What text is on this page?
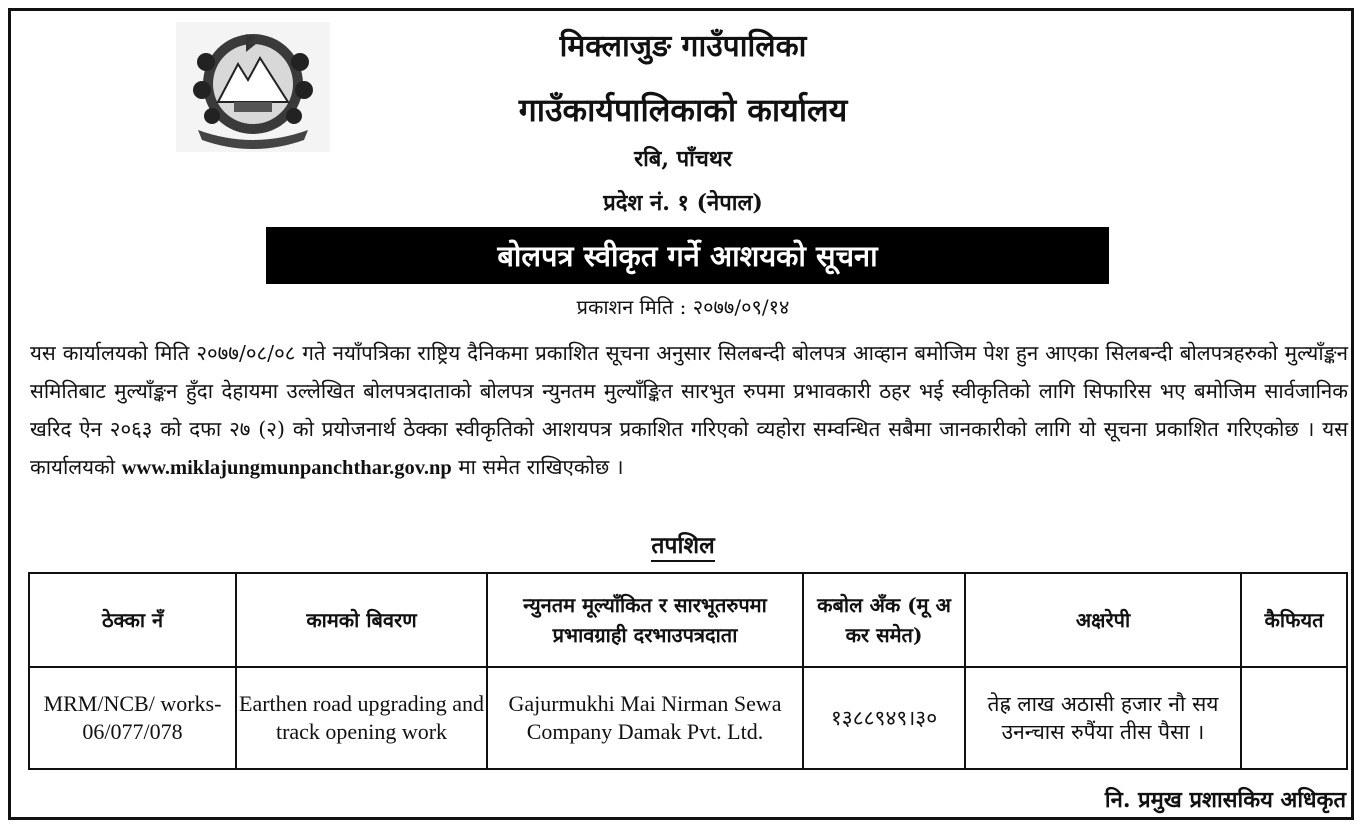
मिक्लाजुङ गाउँपालिका
गाउँकार्यपालिकाको कार्यालय
रबि, पाँचथर
प्रदेश नं. १ (नेपाल)
बोलपत्र स्वीकृत गर्ने आशयको सूचना
प्रकाशन मिति : २०७७/०९/१४
यस कार्यालयको मिति २०७७/०८/०८ गते नयाँपत्रिका राष्ट्रिय दैनिकमा प्रकाशित सूचना अनुसार सिलबन्दी बोलपत्र आव्हान बमोजिम पेश हुन आएका सिलबन्दी बोलपत्रहरुको मुल्याँङ्कन समितिबाट मुल्याँङ्कन हुँदा देहायमा उल्लेखित बोलपत्रदाताको बोलपत्र न्युनतम मुल्याँङ्कित सारभुत रुपमा प्रभावकारी ठहर भई स्वीकृतिको लागि सिफारिस भए बमोजिम सार्वजानिक खरिद ऐन २०६३ को दफा २७ (२) को प्रयोजनार्थ ठेक्का स्वीकृतिको आशयपत्र प्रकाशित गरिएको व्यहोरा सम्वन्धित सबैमा जानकारीको लागि यो सूचना प्रकाशित गरिएकोछ । यस कार्यालयको www.miklajungmunpanchthar.gov.np मा समेत राखिएकोछ ।
तपशिल
ठेक्का नँ	कामको बिवरण	न्युनतम मूल्याँकित र सारभूतरुपमा प्रभावग्राही दरभाउपत्रदाता	कबोल अँक (मू अ कर समेत)	अक्षरेपी	कैफियत
MRM/NCB/ works-06/077/078	Earthen road upgrading and track opening work	Gajurmukhi Mai Nirman Sewa Company Damak Pvt. Ltd.	१३८८९४९।३०	तेह्र लाख अठासी हजार नौ सय उनन्चास रुपैंया तीस पैसा ।	
नि. प्रमुख प्रशासकिय अधिकृत
